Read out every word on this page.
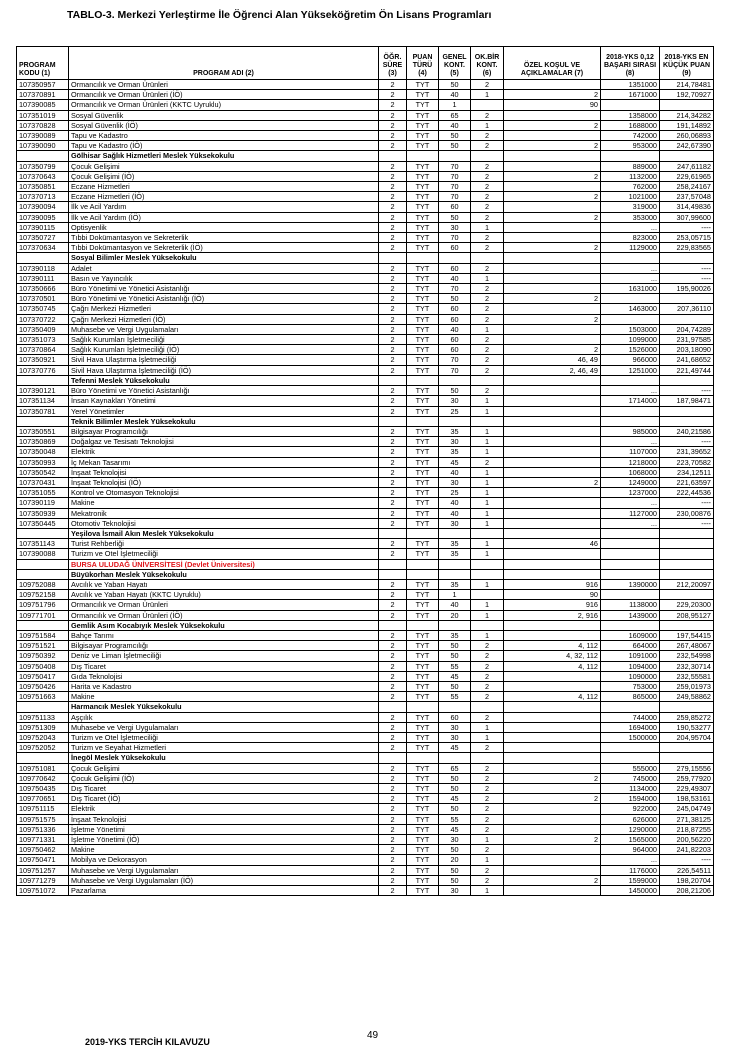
TABLO-3. Merkezi Yerleştirme İle Öğrenci Alan Yükseköğretim Ön Lisans Programları
PROGRAM KODU (1)	PROGRAM ADI (2)	ÖĞR. SÜRE (3)	PUAN TÜRÜ (4)	GENEL KONT. (5)	OK.BİR KONT. (6)	ÖZEL KOŞUL VE AÇIKLAMALAR (7)	2018-YKS 0,12 BAŞARI SIRASI (8)	2018-YKS EN KÜÇÜK PUAN (9)
107350957	Ormancılık ve Orman Ürünleri	2	TYT	50	2		1351000	214,78481
107370891	Ormancılık ve Orman Ürünleri (İÖ)	2	TYT	40	1	2	1671000	192,70927
107390085	Ormancılık ve Orman Ürünleri (KKTC Uyruklu)	2	TYT	1		90		
107351019	Sosyal Güvenlik	2	TYT	65	2		1358000	214,34282
107370828	Sosyal Güvenlik (İÖ)	2	TYT	40	1	2	1688000	191,14892
107390089	Tapu ve Kadastro	2	TYT	50	2		742000	260,06893
107390090	Tapu ve Kadastro (İÖ)	2	TYT	50	2	2	953000	242,67390
	Gölhisar Sağlık Hizmetleri Meslek Yüksekokulu							
107350799	Çocuk Gelişimi	2	TYT	70	2		889000	247,61182
107370643	Çocuk Gelişimi (İÖ)	2	TYT	70	2	2	1132000	229,61965
107350851	Eczane Hizmetleri	2	TYT	70	2		762000	258,24167
107370713	Eczane Hizmetleri (İÖ)	2	TYT	70	2	2	1021000	237,57048
107390094	İlk ve Acil Yardım	2	TYT	60	2		319000	314,49836
107390095	İlk ve Acil Yardım (İÖ)	2	TYT	50	2	2	353000	307,99600
107390115	Optisyenlik	2	TYT	30	1		...	----
107350727	Tıbbi Dokümantasyon ve Sekreterlik	2	TYT	70	2		823000	253,05715
107370634	Tıbbi Dokümantasyon ve Sekreterlik (İÖ)	2	TYT	60	2	2	1129000	229,83565
	Sosyal Bilimler Meslek Yüksekokulu							
107390118	Adalet	2	TYT	60	2		...	----
107390111	Basın ve Yayıncılık	2	TYT	40	1		...	----
107350666	Büro Yönetimi ve Yönetici Asistanlığı	2	TYT	70	2		1631000	195,90026
107370501	Büro Yönetimi ve Yönetici Asistanlığı (İÖ)	2	TYT	50	2	2		
107350745	Çağrı Merkezi Hizmetleri	2	TYT	60	2		1463000	207,36110
107370722	Çağrı Merkezi Hizmetleri (İÖ)	2	TYT	60	2	2		
107350409	Muhasebe ve Vergi Uygulamaları	2	TYT	40	1		1503000	204,74289
107351073	Sağlık Kurumları İşletmeciliği	2	TYT	60	2		1099000	231,97585
107370864	Sağlık Kurumları İşletmeciliği (İÖ)	2	TYT	60	2	2	1526000	203,18090
107350921	Sivil Hava Ulaştırma İşletmeciliği	2	TYT	70	2	46, 49	966000	241,68652
107370776	Sivil Hava Ulaştırma İşletmeciliği (İÖ)	2	TYT	70	2	2, 46, 49	1251000	221,49744
	Tefenni Meslek Yüksekokulu							
107390121	Büro Yönetimi ve Yönetici Asistanlığı	2	TYT	50	2		...	----
107351134	İnsan Kaynakları Yönetimi	2	TYT	30	1		1714000	187,98471
107350781	Yerel Yönetimler	2	TYT	25	1			
	Teknik Bilimler Meslek Yüksekokulu							
107350551	Bilgisayar Programcılığı	2	TYT	35	1		985000	240,21586
107350869	Doğalgaz ve Tesisatı Teknolojisi	2	TYT	30	1		...	----
107350048	Elektrik	2	TYT	35	1		1107000	231,39652
107350993	İç Mekan Tasarımı	2	TYT	45	2		1218000	223,70582
107350542	İnşaat Teknolojisi	2	TYT	40	1		1068000	234,12511
107370431	İnşaat Teknolojisi (İÖ)	2	TYT	30	1	2	1249000	221,63597
107351055	Kontrol ve Otomasyon Teknolojisi	2	TYT	25	1		1237000	222,44536
107390119	Makine	2	TYT	40	1		...	----
107350939	Mekatronik	2	TYT	40	1		1127000	230,00876
107350445	Otomotiv Teknolojisi	2	TYT	30	1		...	----
	Yeşilova İsmail Akın Meslek Yüksekokulu							
107351143	Turist Rehberliği	2	TYT	35	1	46		
107390088	Turizm ve Otel İşletmeciliği	2	TYT	35	1			
	BURSA ULUDAĞ ÜNİVERSİTESİ (Devlet Üniversitesi)							
	Büyükorhan Meslek Yüksekokulu							
109752088	Avcılık ve Yaban Hayatı	2	TYT	35	1	916	1390000	212,20097
109752158	Avcılık ve Yaban Hayatı (KKTC Uyruklu)	2	TYT	1		90		
109751796	Ormancılık ve Orman Ürünleri	2	TYT	40	1	916	1138000	229,20300
109771701	Ormancılık ve Orman Ürünleri (İÖ)	2	TYT	20	1	2, 916	1439000	208,95127
	Gemlik Asım Kocabıyık Meslek Yüksekokulu							
109751584	Bahçe Tarımı	2	TYT	35	1		1609000	197,54415
109751521	Bilgisayar Programcılığı	2	TYT	50	2	4, 112	664000	267,48067
109750392	Deniz ve Liman İşletmeciliği	2	TYT	50	2	4, 32, 112	1091000	232,54998
109750408	Dış Ticaret	2	TYT	55	2	4, 112	1094000	232,30714
109750417	Gıda Teknolojisi	2	TYT	45	2		1090000	232,55581
109750426	Harita ve Kadastro	2	TYT	50	2		753000	259,01973
109751663	Makine	2	TYT	55	2	4, 112	865000	249,58862
	Harmancık Meslek Yüksekokulu							
109751133	Aşçılık	2	TYT	60	2		744000	259,85272
109751309	Muhasebe ve Vergi Uygulamaları	2	TYT	30	1		1694000	190,53277
109752043	Turizm ve Otel İşletmeciliği	2	TYT	30	1		1500000	204,95704
109752052	Turizm ve Seyahat Hizmetleri	2	TYT	45	2			
	İnegöl Meslek Yüksekokulu							
109751081	Çocuk Gelişimi	2	TYT	65	2		555000	279,15556
109770642	Çocuk Gelişimi (İÖ)	2	TYT	50	2	2	745000	259,77920
109750435	Dış Ticaret	2	TYT	50	2		1134000	229,49307
109770651	Dış Ticaret (İÖ)	2	TYT	45	2	2	1594000	198,53161
109751115	Elektrik	2	TYT	50	2		922000	245,04749
109751575	İnşaat Teknolojisi	2	TYT	55	2		626000	271,38125
109751336	İşletme Yönetimi	2	TYT	45	2		1290000	218,87255
109771331	İşletme Yönetimi (İÖ)	2	TYT	30	1	2	1565000	200,56220
109750462	Makine	2	TYT	50	2		964000	241,82203
109750471	Mobilya ve Dekorasyon	2	TYT	20	1		...	----
109751257	Muhasebe ve Vergi Uygulamaları	2	TYT	50	2		1176000	226,54511
109771279	Muhasebe ve Vergi Uygulamaları (İÖ)	2	TYT	50	2	2	1599000	198,20704
109751072	Pazarlama	2	TYT	30	1		1450000	208,21206
49
2019-YKS TERCİH KILAVUZU
